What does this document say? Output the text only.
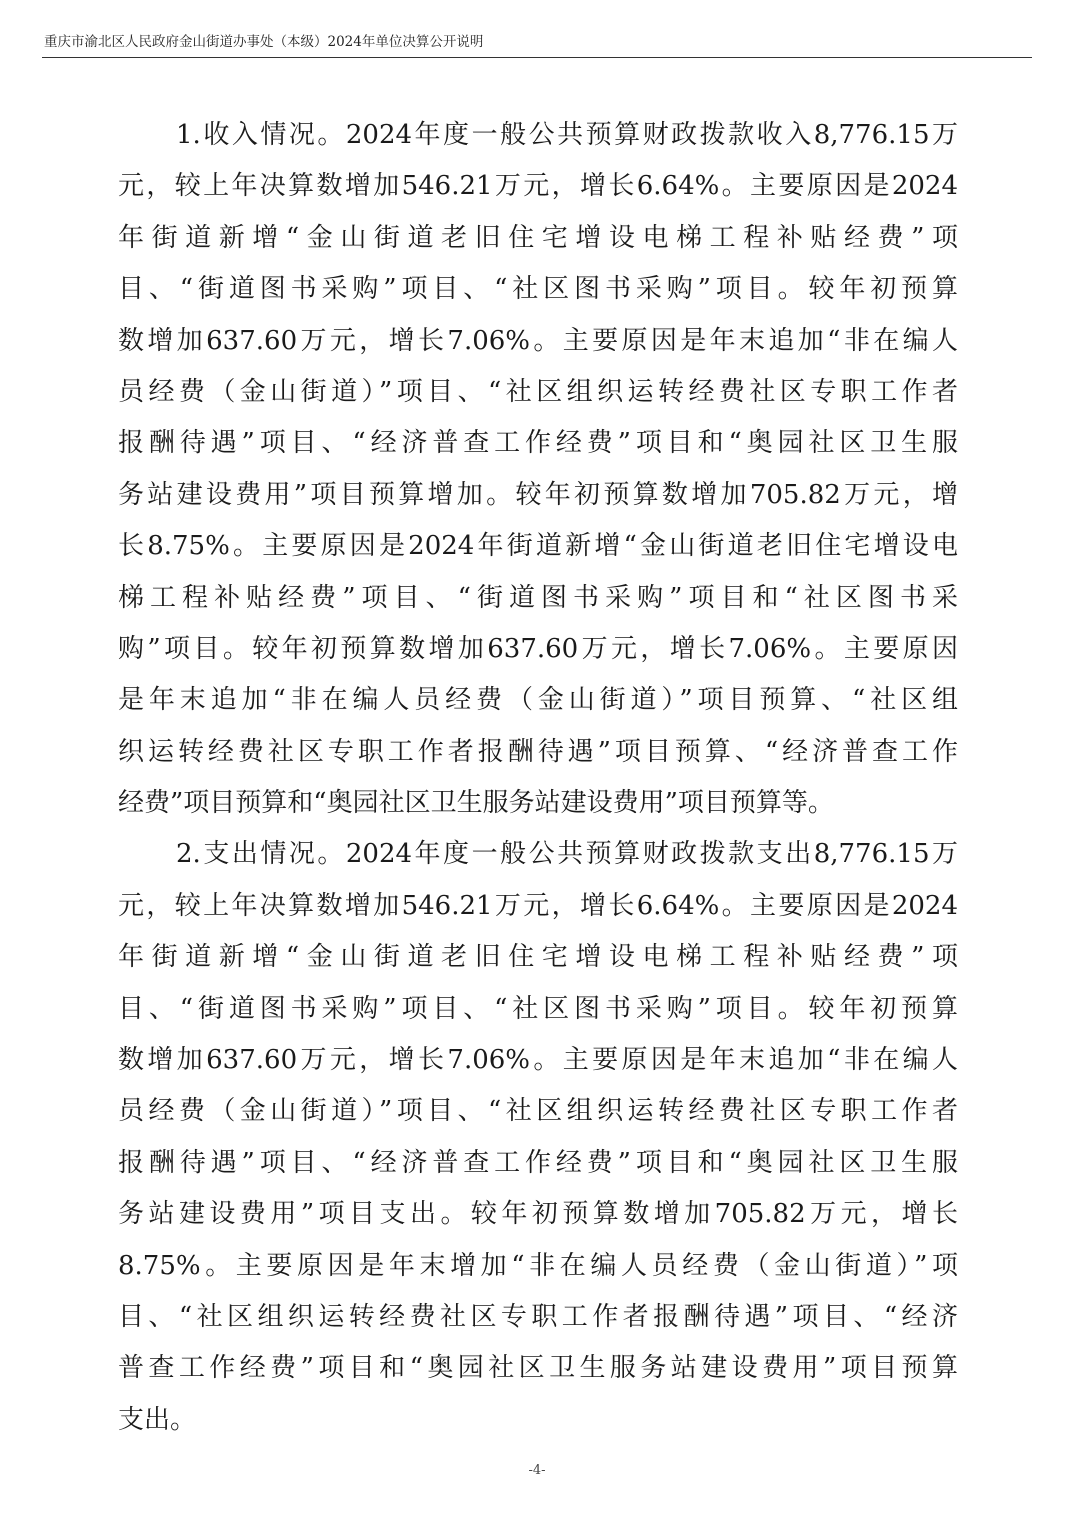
重庆市渝北区人民政府金山街道办事处（本级）2024年单位决算公开说明
1.收入情况。2024年度一般公共预算财政拨款收入8,776.15万
元，较上年决算数增加546.21万元，增长6.64%。主要原因是2024
年街道新增“金山街道老旧住宅增设电梯工程补贴经费”项
目、“街道图书采购”项目、“社区图书采购”项目。较年初预算
数增加637.60万元，增长7.06%。主要原因是年末追加“非在编人
员经费（金山街道）”项目、“社区组织运转经费社区专职工作者
报酬待遇”项目、“经济普查工作经费”项目和“奥园社区卫生服
务站建设费用”项目预算增加。较年初预算数增加705.82万元，增
长8.75%。主要原因是2024年街道新增“金山街道老旧住宅增设电
梯工程补贴经费”项目、“街道图书采购”项目和“社区图书采
购”项目。较年初预算数增加637.60万元，增长7.06%。主要原因
是年末追加“非在编人员经费（金山街道）”项目预算、“社区组
织运转经费社区专职工作者报酬待遇”项目预算、“经济普查工作
经费”项目预算和“奥园社区卫生服务站建设费用”项目预算等。
2.支出情况。2024年度一般公共预算财政拨款支出8,776.15万
元，较上年决算数增加546.21万元，增长6.64%。主要原因是2024
年街道新增“金山街道老旧住宅增设电梯工程补贴经费”项
目、“街道图书采购”项目、“社区图书采购”项目。较年初预算
数增加637.60万元，增长7.06%。主要原因是年末追加“非在编人
员经费（金山街道）”项目、“社区组织运转经费社区专职工作者
报酬待遇”项目、“经济普查工作经费”项目和“奥园社区卫生服
务站建设费用”项目支出。较年初预算数增加705.82万元，增长
8.75%。主要原因是年末增加“非在编人员经费（金山街道）”项
目、“社区组织运转经费社区专职工作者报酬待遇”项目、“经济
普查工作经费”项目和“奥园社区卫生服务站建设费用”项目预算
支出。
-4-
